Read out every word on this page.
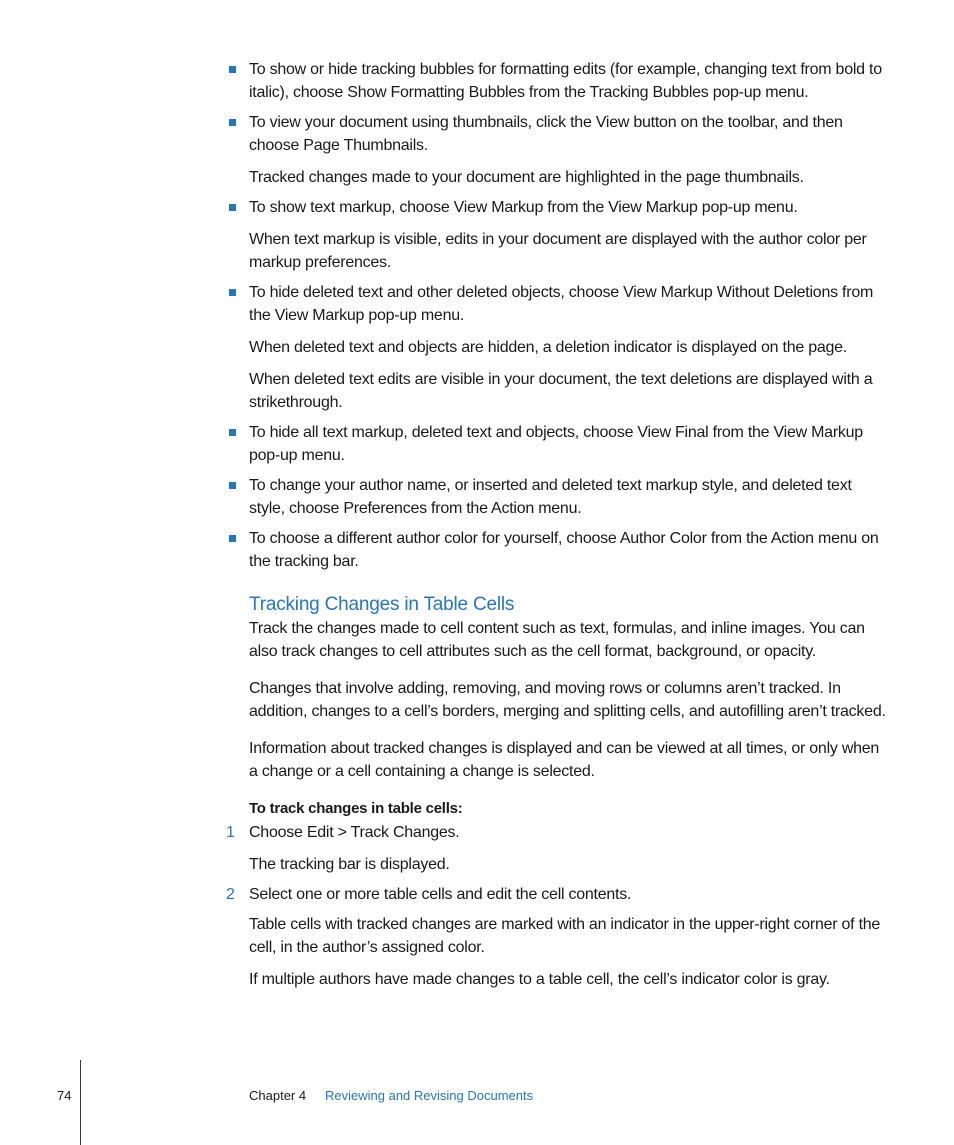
To show or hide tracking bubbles for formatting edits (for example, changing text from bold to italic), choose Show Formatting Bubbles from the Tracking Bubbles pop-up menu.
To view your document using thumbnails, click the View button on the toolbar, and then choose Page Thumbnails.
Tracked changes made to your document are highlighted in the page thumbnails.
To show text markup, choose View Markup from the View Markup pop-up menu.
When text markup is visible, edits in your document are displayed with the author color per markup preferences.
To hide deleted text and other deleted objects, choose View Markup Without Deletions from the View Markup pop-up menu.
When deleted text and objects are hidden, a deletion indicator is displayed on the page.
When deleted text edits are visible in your document, the text deletions are displayed with a strikethrough.
To hide all text markup, deleted text and objects, choose View Final from the View Markup pop-up menu.
To change your author name, or inserted and deleted text markup style, and deleted text style, choose Preferences from the Action menu.
To choose a different author color for yourself, choose Author Color from the Action menu on the tracking bar.
Tracking Changes in Table Cells
Track the changes made to cell content such as text, formulas, and inline images. You can also track changes to cell attributes such as the cell format, background, or opacity.
Changes that involve adding, removing, and moving rows or columns aren’t tracked. In addition, changes to a cell’s borders, merging and splitting cells, and autofilling aren’t tracked.
Information about tracked changes is displayed and can be viewed at all times, or only when a change or a cell containing a change is selected.
To track changes in table cells:
1 Choose Edit > Track Changes.
The tracking bar is displayed.
2 Select one or more table cells and edit the cell contents.
Table cells with tracked changes are marked with an indicator in the upper-right corner of the cell, in the author’s assigned color.
If multiple authors have made changes to a table cell, the cell’s indicator color is gray.
74	Chapter 4 Reviewing and Revising Documents
